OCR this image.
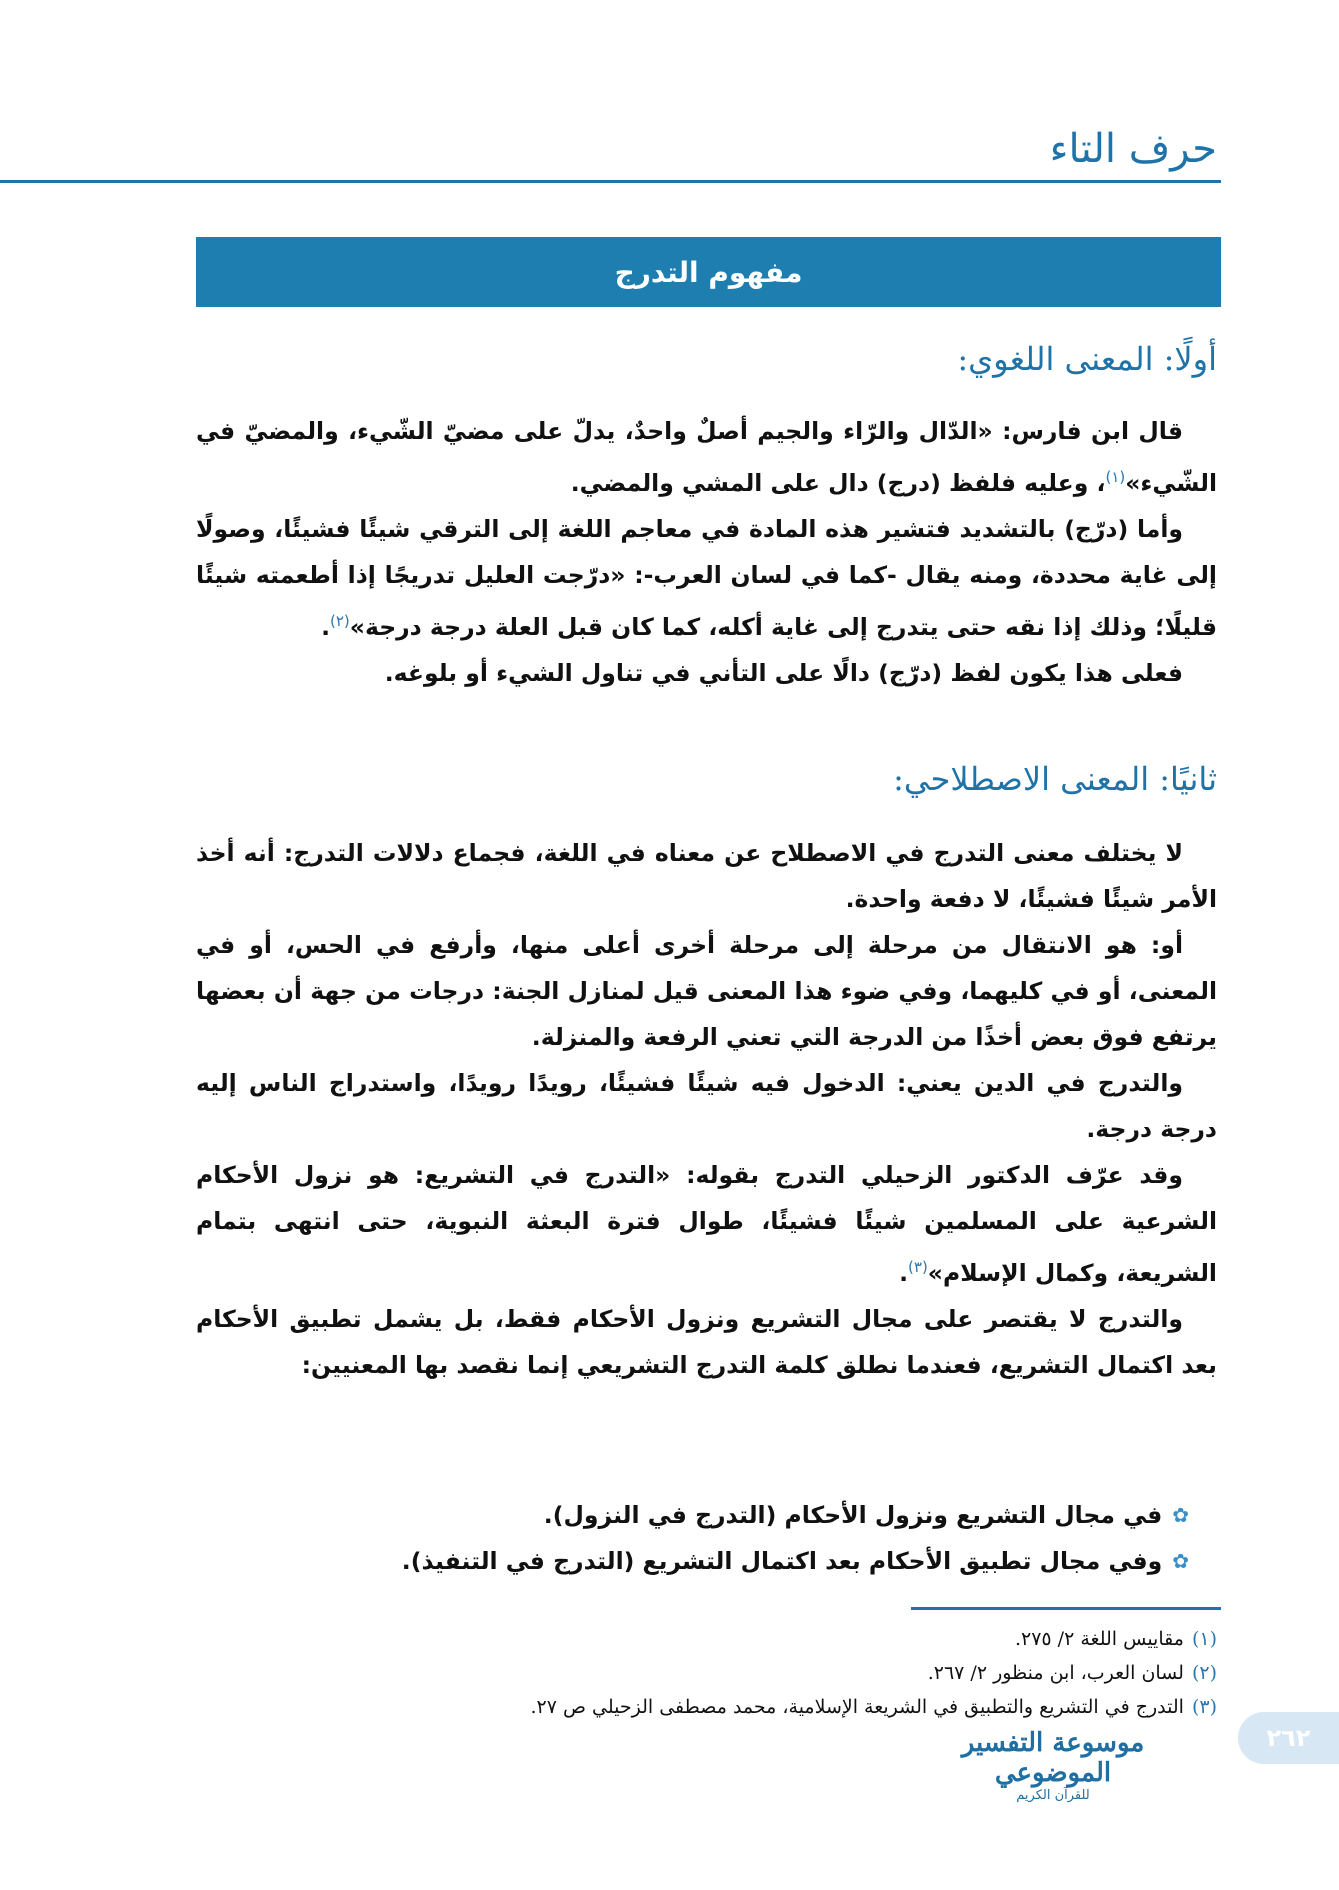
حرف التاء
مفهوم التدرج
أولًا: المعنى اللغوي:

قال ابن فارس: «الدّال والرّاء والجيم أصلٌ واحدٌ، يدلّ على مضيّ الشّيء، والمضيّ في الشّيء»$^{(١)}$، وعليه فلفظ (درج) دال على المشي والمضي.

وأما (درّج) بالتشديد فتشير هذه المادة في معاجم اللغة إلى الترقي شيئًا فشيئًا، وصولًا إلى غاية محددة، ومنه يقال -كما في لسان العرب-: «درّجت العليل تدريجًا إذا أطعمته شيئًا قليلًا؛ وذلك إذا نقه حتى يتدرج إلى غاية أكله، كما كان قبل العلة درجة درجة»$^{(٢)}$.

فعلى هذا يكون لفظ (درّج) دالًا على التأني في تناول الشيء أو بلوغه.

ثانيًا: المعنى الاصطلاحي:

لا يختلف معنى التدرج في الاصطلاح عن معناه في اللغة، فجماع دلالات التدرج: أنه أخذ الأمر شيئًا فشيئًا، لا دفعة واحدة.

أو: هو الانتقال من مرحلة إلى مرحلة أخرى أعلى منها، وأرفع في الحس، أو في المعنى، أو في كليهما، وفي ضوء هذا المعنى قيل لمنازل الجنة: درجات من جهة أن بعضها يرتفع فوق بعض أخذًا من الدرجة التي تعني الرفعة والمنزلة.

والتدرج في الدين يعني: الدخول فيه شيئًا فشيئًا، رويدًا رويدًا، واستدراج الناس إليه درجة درجة.

وقد عرّف الدكتور الزحيلي التدرج بقوله: «التدرج في التشريع: هو نزول الأحكام الشرعية على المسلمين شيئًا فشيئًا، طوال فترة البعثة النبوية، حتى انتهى بتمام الشريعة، وكمال الإسلام»$^{(٣)}$.

والتدرج لا يقتصر على مجال التشريع ونزول الأحكام فقط، بل يشمل تطبيق الأحكام بعد اكتمال التشريع، فعندما نطلق كلمة التدرج التشريعي إنما نقصد بها المعنيين:

✿
في مجال التشريع ونزول الأحكام (التدرج في النزول).
✿
وفي مجال تطبيق الأحكام بعد اكتمال التشريع (التدرج في التنفيذ).
(١)مقاييس اللغة ٢/ ٢٧٥.
(٢)لسان العرب، ابن منظور ٢/ ٢٦٧.
(٣)التدرج في التشريع والتطبيق في الشريعة الإسلامية، محمد مصطفى الزحيلي ص ٢٧.
موسوعة التفسير الموضوعي
للقرآن الكريم
٢٦٢
